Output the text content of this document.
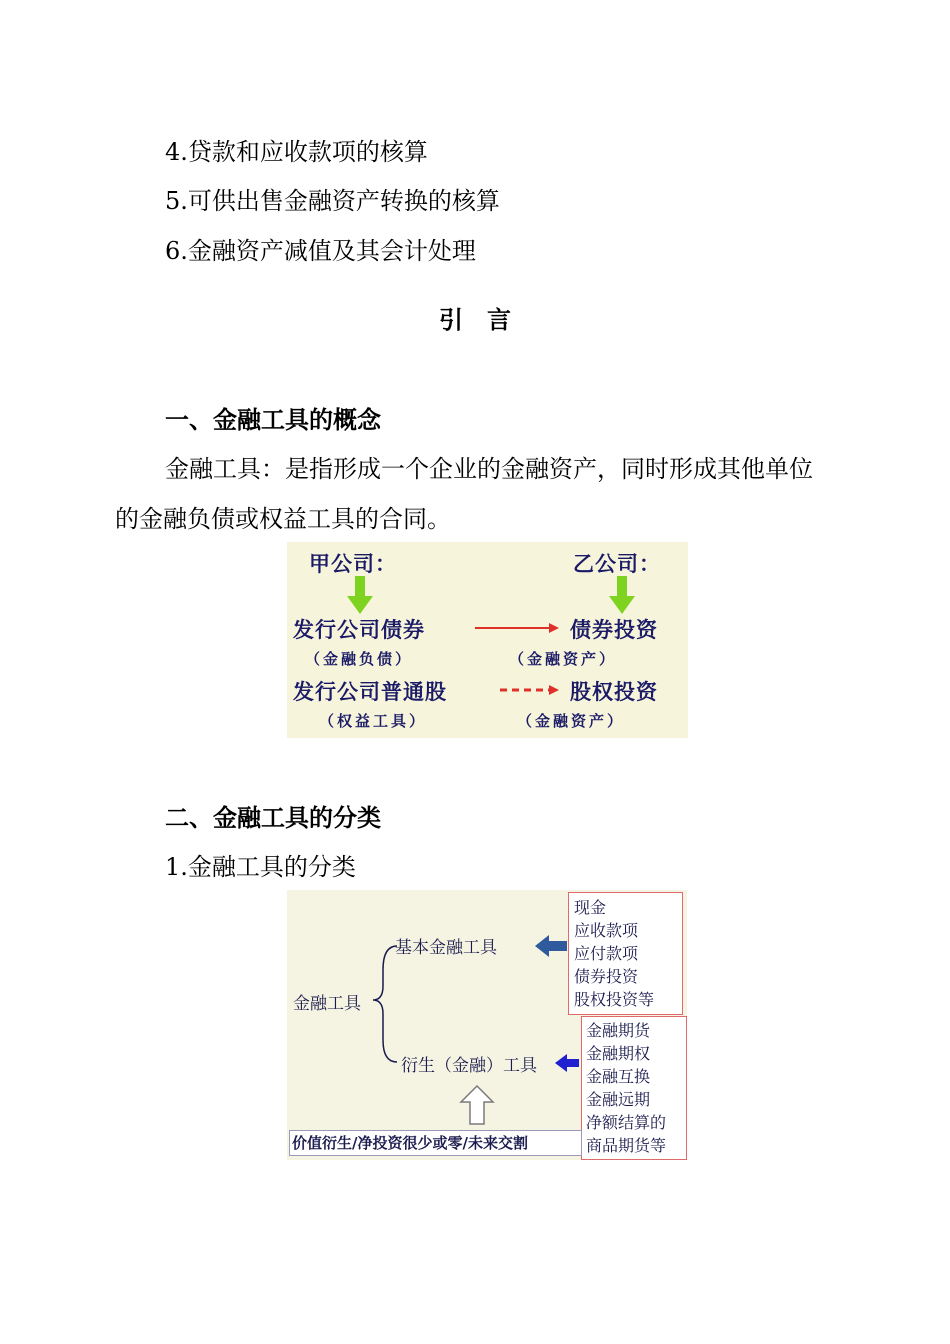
4.贷款和应收款项的核算
5.可供出售金融资产转换的核算
6.金融资产减值及其会计处理
引　言
一、金融工具的概念
金融工具：是指形成一个企业的金融资产，同时形成其他单位
的金融负债或权益工具的合同。
甲公司：	乙公司：
发行公司债券	债券投资
（金融负债）	（金融资产）
发行公司普通股	股权投资
（权益工具）	（金融资产）
二、金融工具的分类
1.金融工具的分类
金融工具
基本金融工具
衍生（金融）工具
现金
应收款项
应付款项
债券投资
股权投资等
金融期货
金融期权
金融互换
金融远期
净额结算的
商品期货等
价值衍生/净投资很少或零/未来交割
